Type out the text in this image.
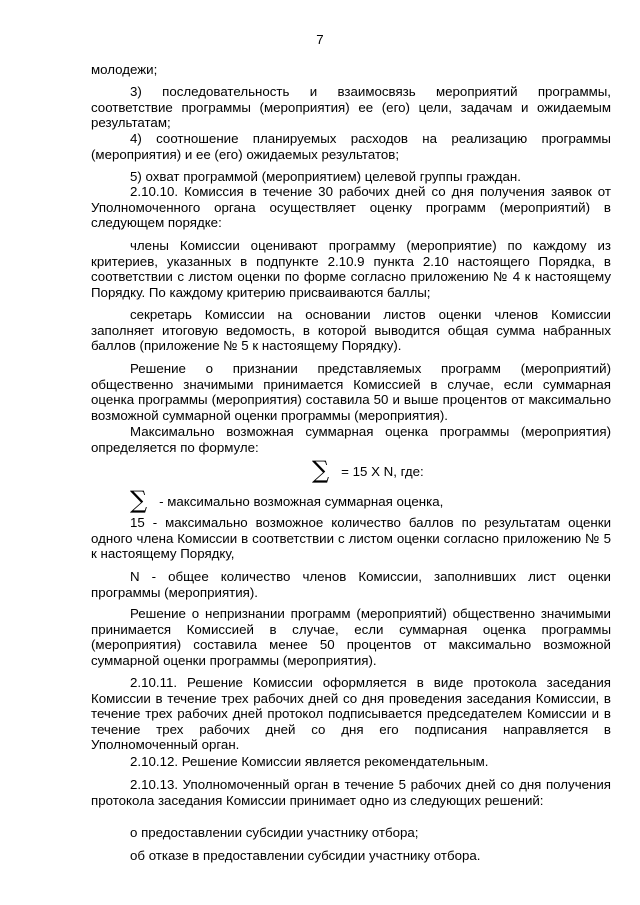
7
молодежи;
3) последовательность и взаимосвязь мероприятий программы, соответствие программы (мероприятия) ее (его) цели, задачам и ожидаемым результатам;
4) соотношение планируемых расходов на реализацию программы (мероприятия) и ее (его) ожидаемых результатов;
5) охват программой (мероприятием) целевой группы граждан.
2.10.10. Комиссия в течение 30 рабочих дней со дня получения заявок от Уполномоченного органа осуществляет оценку программ (мероприятий) в следующем порядке:
члены Комиссии оценивают программу (мероприятие) по каждому из критериев, указанных в подпункте 2.10.9 пункта 2.10 настоящего Порядка, в соответствии с листом оценки по форме согласно приложению № 4 к настоящему Порядку. По каждому критерию присваиваются баллы;
секретарь Комиссии на основании листов оценки членов Комиссии заполняет итоговую ведомость, в которой выводится общая сумма набранных баллов (приложение № 5 к настоящему Порядку).
Решение о признании представляемых программ (мероприятий) общественно значимыми принимается Комиссией в случае, если суммарная оценка программы (мероприятия) составила 50 и выше процентов от максимально возможной суммарной оценки программы (мероприятия).
Максимально возможная суммарная оценка программы (мероприятия) определяется по формуле:
∑ = 15 X N, где:
∑ - максимально возможная суммарная оценка,
15 - максимально возможное количество баллов по результатам оценки одного члена Комиссии в соответствии с листом оценки согласно приложению № 5 к настоящему Порядку,
N - общее количество членов Комиссии, заполнивших лист оценки программы (мероприятия).
Решение о непризнании программ (мероприятий) общественно значимыми принимается Комиссией в случае, если суммарная оценка программы (мероприятия) составила менее 50 процентов от максимально возможной суммарной оценки программы (мероприятия).
2.10.11. Решение Комиссии оформляется в виде протокола заседания Комиссии в течение трех рабочих дней со дня проведения заседания Комиссии, в течение трех рабочих дней протокол подписывается председателем Комиссии и в течение трех рабочих дней со дня его подписания направляется в Уполномоченный орган.
2.10.12. Решение Комиссии является рекомендательным.
2.10.13. Уполномоченный орган в течение 5 рабочих дней со дня получения протокола заседания Комиссии принимает одно из следующих решений:
о предоставлении субсидии участнику отбора;
об отказе в предоставлении субсидии участнику отбора.
